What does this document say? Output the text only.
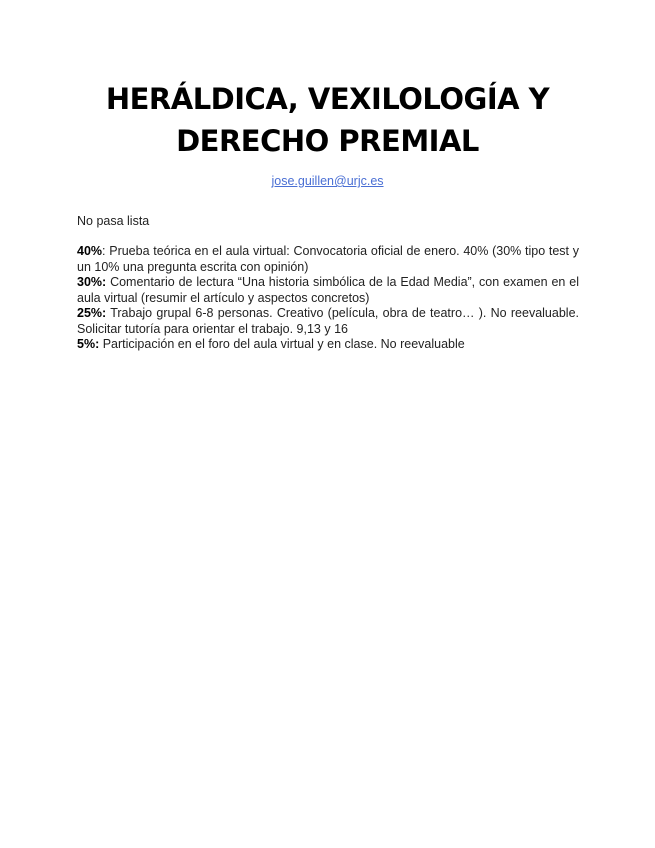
HERÁLDICA, VEXILOLOGÍA Y
DERECHO PREMIAL
jose.guillen@urjc.es
No pasa lista

40%: Prueba teórica en el aula virtual: Convocatoria oficial de enero. 40% (30% tipo test y un 10% una pregunta escrita con opinión)

30%: Comentario de lectura “Una historia simbólica de la Edad Media”, con examen en el aula virtual (resumir el artículo y aspectos concretos)

25%: Trabajo grupal 6-8 personas. Creativo (película, obra de teatro… ). No reevaluable. Solicitar tutoría para orientar el trabajo. 9,13 y 16

5%: Participación en el foro del aula virtual y en clase. No reevaluable
